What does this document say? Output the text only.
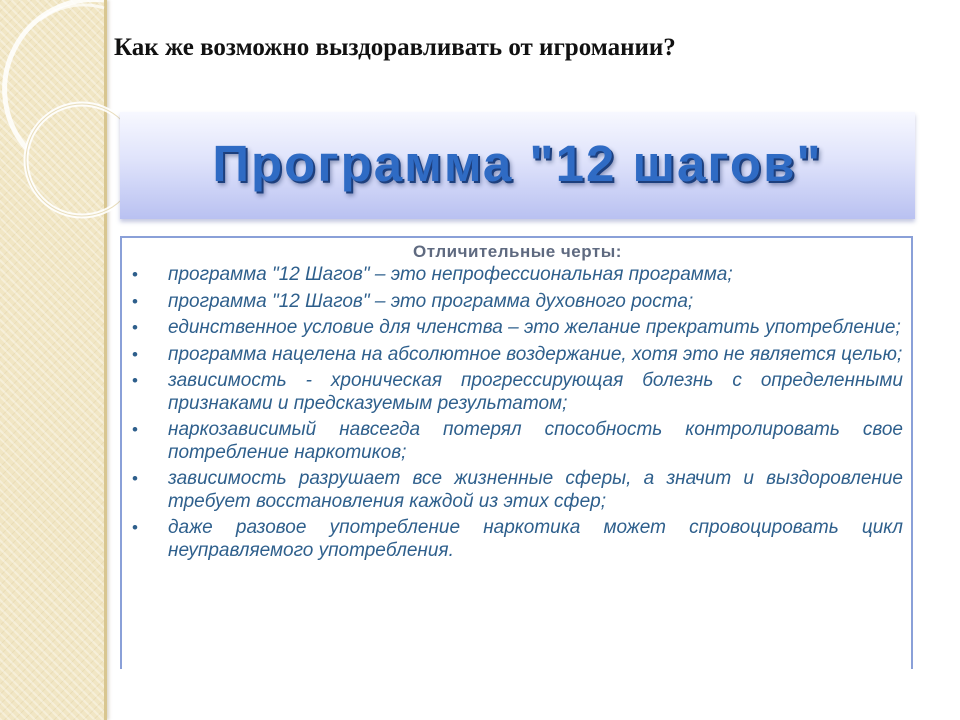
Как же возможно выздоравливать от игромании?
Программа "12 шагов"
Отличительные черты:
• программа "12 Шагов" – это непрофессиональная программа;
• программа "12 Шагов" – это программа духовного роста;
• единственное условие для членства – это желание прекратить употребление;
• программа нацелена на абсолютное воздержание, хотя это не является целью;
• зависимость - хроническая прогрессирующая болезнь с определенными признаками и предсказуемым результатом;
• наркозависимый навсегда потерял способность контролировать свое потребление наркотиков;
• зависимость разрушает все жизненные сферы, а значит и выздоровление требует восстановления каждой из этих сфер;
• даже разовое употребление наркотика может спровоцировать цикл неуправляемого употребления.
